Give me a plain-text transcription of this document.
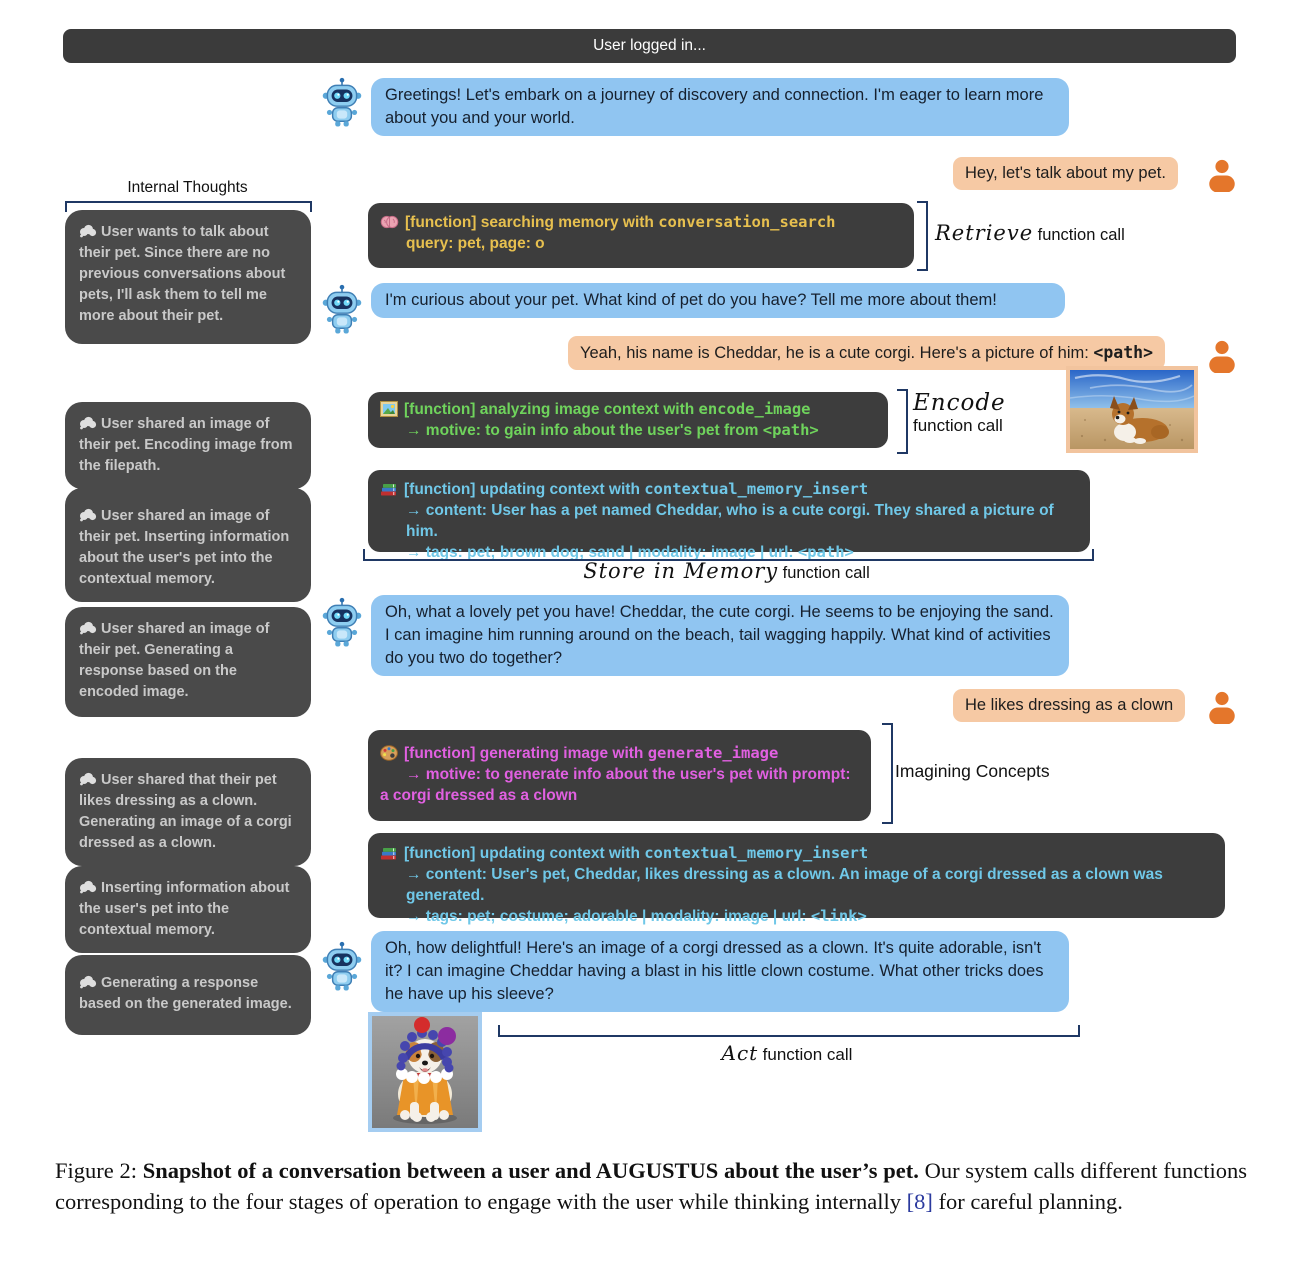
User logged in...
Greetings! Let's embark on a journey of discovery and connection. I'm eager to learn more about you and your world.
Hey, let's talk about my pet.
I'm curious about your pet. What kind of pet do you have? Tell me more about them!
Yeah, his name is Cheddar, he is a cute corgi. Here's a picture of him: <path>
Oh, what a lovely pet you have! Cheddar, the cute corgi. He seems to be enjoying the sand. I can imagine him running around on the beach, tail wagging happily. What kind of activities do you two do together?
He likes dressing as a clown
Oh, how delightful! Here's an image of a corgi dressed as a clown. It's quite adorable, isn't it? I can imagine Cheddar having a blast in his little clown costume. What other tricks does he have up his sleeve?
Internal Thoughts
User wants to talk about their pet. Since there are no previous conversations about pets, I'll ask them to tell me more about their pet.
User shared an image of their pet. Encoding image from the filepath.
User shared an image of their pet. Inserting information about the user's pet into the contextual memory.
User shared an image of their pet. Generating a response based on the encoded image.
User shared that their pet likes dressing as a clown. Generating an image of a corgi dressed as a clown.
Inserting information about the user's pet into the contextual memory.
Generating a response based on the generated image.
[function] searching memory with conversation_search
query: pet, page: o	Retrieve function call
[function] analyzing image context with encode_image
→ motive: to gain info about the user's pet from <path>
Encode
function call
[function] updating context with contextual_memory_insert
→ content: User has a pet named Cheddar, who is a cute corgi. They shared a picture of him.
→ tags: pet; brown dog; sand | modality: image | url: <path>
Store in Memory function call
[function] generating image with generate_image
→ motive: to generate info about the user's pet with prompt: a corgi dressed as a clown
Imagining Concepts
[function] updating context with contextual_memory_insert
→ content: User's pet, Cheddar, likes dressing as a clown. An image of a corgi dressed as a clown was generated.
→ tags: pet; costume; adorable | modality: image | url: <link>
Act function call
Figure 2: Snapshot of a conversation between a user and AUGUSTUS about the user’s pet. Our system calls different functions corresponding to the four stages of operation to engage with the user while thinking internally [8] for careful planning.
